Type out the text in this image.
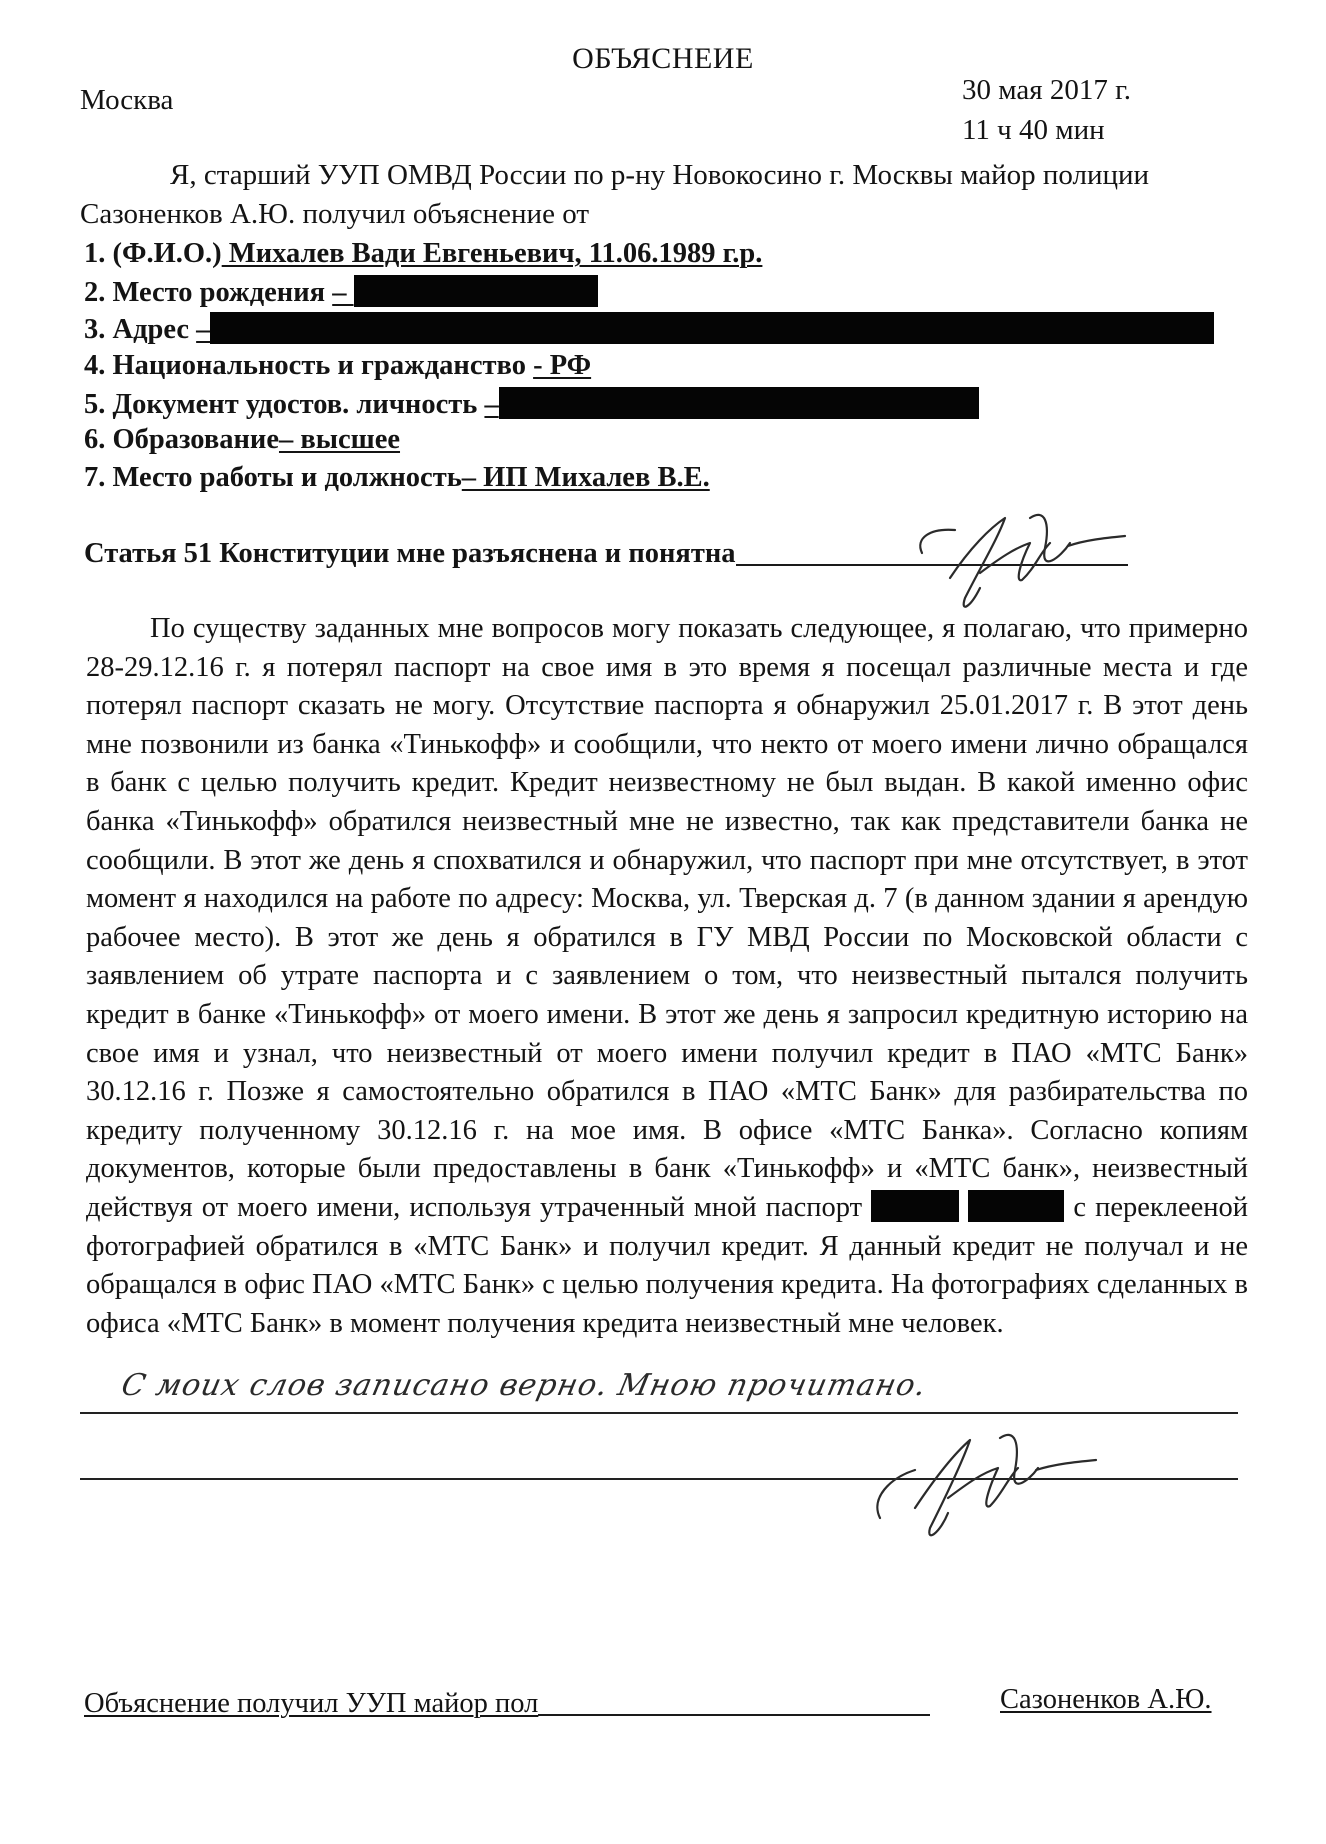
ОБЪЯСНЕИЕ
Москва	30 мая 2017 г.
11 ч 40 мин
Я, старший УУП ОМВД России по р-ну Новокосино г. Москвы майор полиции Сазоненков А.Ю. получил объяснение от
1. (Ф.И.О.) Михалев Вади Евгеньевич, 11.06.1989 г.р.
2. Место рождения –
3. Адрес –
4. Национальность и гражданство - РФ
5. Документ удостов. личность –
6. Образование– высшее
7. Место работы и должность– ИП Михалев В.Е.
Статья 51 Конституции мне разъяснена и понятна
По существу заданных мне вопросов могу показать следующее, я полагаю, что примерно 28-29.12.16 г. я потерял паспорт на свое имя в это время я посещал различные места и где потерял паспорт сказать не могу. Отсутствие паспорта я обнаружил 25.01.2017 г. В этот день мне позвонили из банка «Тинькофф» и сообщили, что некто от моего имени лично обращался в банк с целью получить кредит. Кредит неизвестному не был выдан. В какой именно офис банка «Тинькофф» обратился неизвестный мне не известно, так как представители банка не сообщили. В этот же день я спохватился и обнаружил, что паспорт при мне отсутствует, в этот момент я находился на работе по адресу: Москва, ул. Тверская д. 7 (в данном здании я арендую рабочее место). В этот же день я обратился в ГУ МВД России по Московской области с заявлением об утрате паспорта и с заявлением о том, что неизвестный пытался получить кредит в банке «Тинькофф» от моего имени. В этот же день я запросил кредитную историю на свое имя и узнал, что неизвестный от моего имени получил кредит в ПАО «МТС Банк» 30.12.16 г. Позже я самостоятельно обратился в ПАО «МТС Банк» для разбирательства по кредиту полученному 30.12.16 г. на мое имя. В офисе «МТС Банка». Согласно копиям документов, которые были предоставлены в банк «Тинькофф» и «МТС банк», неизвестный действуя от моего имени, используя утраченный мной паспорт	с переклееной фотографией обратился в «МТС Банк» и получил кредит. Я данный кредит не получал и не обращался в офис ПАО «МТС Банк» с целью получения кредита. На фотографиях сделанных в офиса «МТС Банк» в момент получения кредита неизвестный мне человек.
С моих слов записано верно. Мною прочитано.
Объяснение получил УУП майор пол	Сазоненков А.Ю.
